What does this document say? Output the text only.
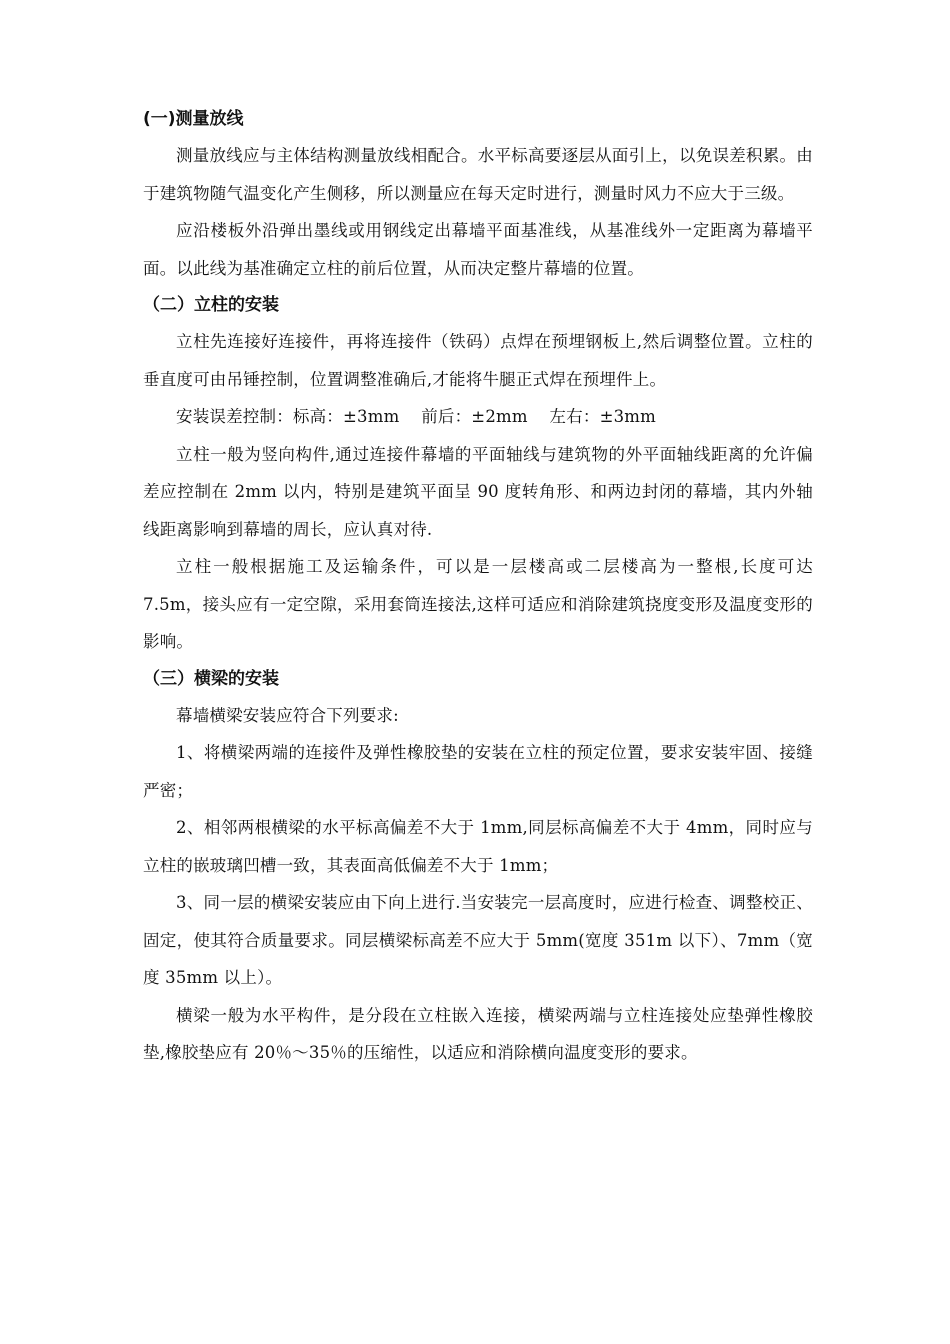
(一)测量放线

测量放线应与主体结构测量放线相配合。水平标高要逐层从面引上，以免误差积累。由于建筑物随气温变化产生侧移，所以测量应在每天定时进行，测量时风力不应大于三级。

应沿楼板外沿弹出墨线或用钢线定出幕墙平面基准线，从基准线外一定距离为幕墙平面。以此线为基准确定立柱的前后位置，从而决定整片幕墙的位置。

（二）立柱的安装

立柱先连接好连接件，再将连接件（铁码）点焊在预埋钢板上,然后调整位置。立柱的垂直度可由吊锤控制，位置调整准确后,才能将牛腿正式焊在预埋件上。

安装误差控制：标高：±3mm    前后：±2mm    左右：±3mm

立柱一般为竖向构件,通过连接件幕墙的平面轴线与建筑物的外平面轴线距离的允许偏差应控制在 2mm 以内，特别是建筑平面呈 90 度转角形、和两边封闭的幕墙，其内外轴线距离影响到幕墙的周长，应认真对待.

立柱一般根据施工及运输条件，可以是一层楼高或二层楼高为一整根,长度可达 7.5m，接头应有一定空隙，采用套筒连接法,这样可适应和消除建筑挠度变形及温度变形的影响。

（三）横梁的安装

幕墙横梁安装应符合下列要求:

1、将横梁两端的连接件及弹性橡胶垫的安装在立柱的预定位置，要求安装牢固、接缝严密；

2、相邻两根横梁的水平标高偏差不大于 1mm,同层标高偏差不大于 4mm，同时应与立柱的嵌玻璃凹槽一致，其表面高低偏差不大于 1mm；

3、同一层的横梁安装应由下向上进行.当安装完一层高度时，应进行检查、调整校正、固定，使其符合质量要求。同层横梁标高差不应大于 5mm(宽度 351m 以下）、7mm（宽度 35mm 以上）。

横梁一般为水平构件，是分段在立柱嵌入连接，横梁两端与立柱连接处应垫弹性橡胶垫,橡胶垫应有 20％～35％的压缩性，以适应和消除横向温度变形的要求。
